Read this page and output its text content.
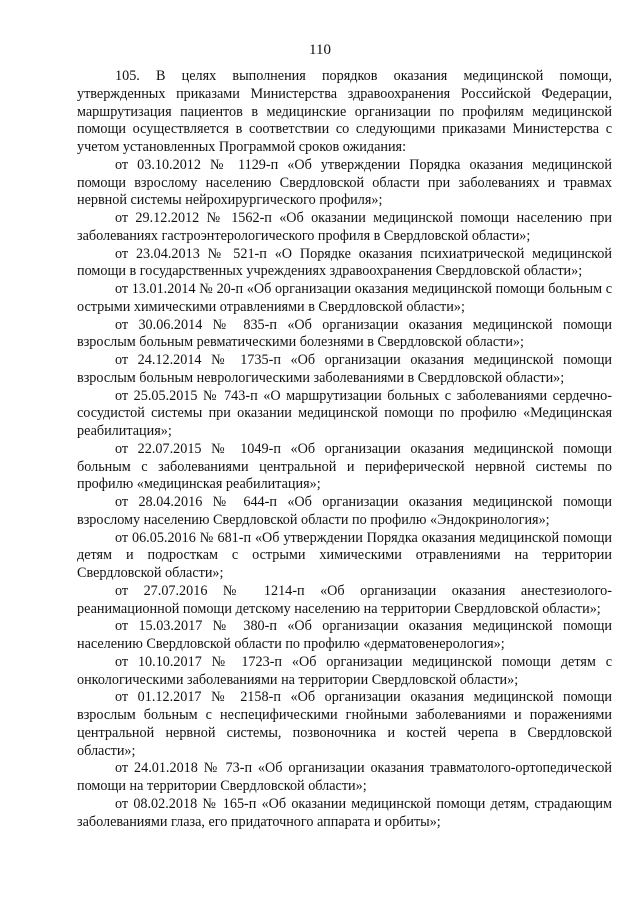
110

105. В целях выполнения порядков оказания медицинской помощи, утвержденных приказами Министерства здравоохранения Российской Федерации, маршрутизация пациентов в медицинские организации по профилям медицинской помощи осуществляется в соответствии со следующими приказами Министерства с учетом установленных Программой сроков ожидания:

от 03.10.2012 № 1129-п «Об утверждении Порядка оказания медицинской помощи взрослому населению Свердловской области при заболеваниях и травмах нервной системы нейрохирургического профиля»;

от 29.12.2012 № 1562-п «Об оказании медицинской помощи населению при заболеваниях гастроэнтерологического профиля в Свердловской области»;

от 23.04.2013 № 521-п «О Порядке оказания психиатрической медицинской помощи в государственных учреждениях здравоохранения Свердловской области»;

от 13.01.2014 № 20-п «Об организации оказания медицинской помощи больным с острыми химическими отравлениями в Свердловской области»;

от 30.06.2014 № 835-п «Об организации оказания медицинской помощи взрослым больным ревматическими болезнями в Свердловской области»;

от 24.12.2014 № 1735-п «Об организации оказания медицинской помощи взрослым больным неврологическими заболеваниями в Свердловской области»;

от 25.05.2015 № 743-п «О маршрутизации больных с заболеваниями сердечно-сосудистой системы при оказании медицинской помощи по профилю «Медицинская реабилитация»;

от 22.07.2015 № 1049-п «Об организации оказания медицинской помощи больным с заболеваниями центральной и периферической нервной системы по профилю «медицинская реабилитация»;

от 28.04.2016 № 644-п «Об организации оказания медицинской помощи взрослому населению Свердловской области по профилю «Эндокринология»;

от 06.05.2016 № 681-п «Об утверждении Порядка оказания медицинской помощи детям и подросткам с острыми химическими отравлениями на территории Свердловской области»;

от 27.07.2016 № 1214-п «Об организации оказания анестезиолого-реанимационной помощи детскому населению на территории Свердловской области»;

от 15.03.2017 № 380-п «Об организации оказания медицинской помощи населению Свердловской области по профилю «дерматовенерология»;

от 10.10.2017 № 1723-п «Об организации медицинской помощи детям с онкологическими заболеваниями на территории Свердловской области»;

от 01.12.2017 № 2158-п «Об организации оказания медицинской помощи взрослым больным с неспецифическими гнойными заболеваниями и поражениями центральной нервной системы, позвоночника и костей черепа в Свердловской области»;

от 24.01.2018 № 73-п «Об организации оказания травматолого-ортопедической помощи на территории Свердловской области»;

от 08.02.2018 № 165-п «Об оказании медицинской помощи детям, страдающим заболеваниями глаза, его придаточного аппарата и орбиты»;
